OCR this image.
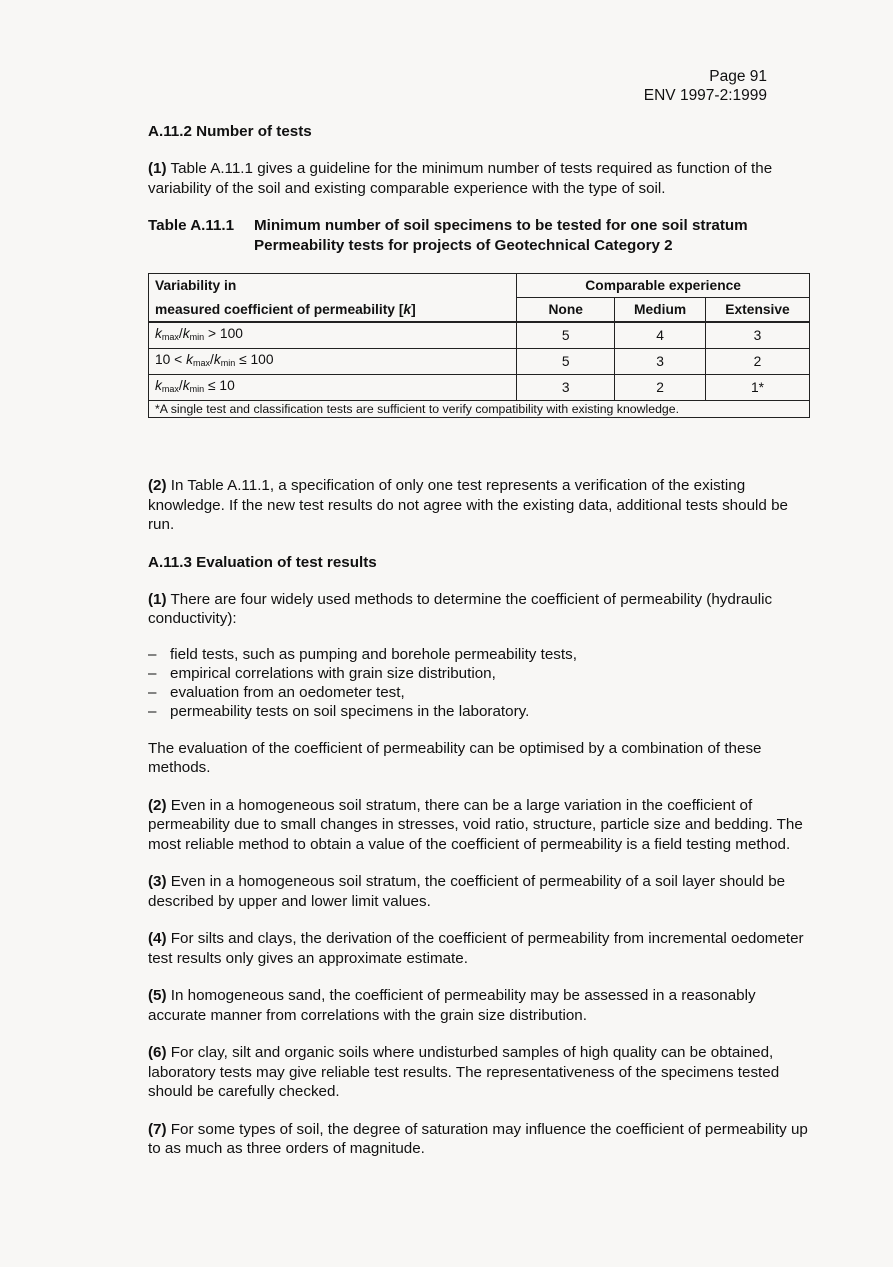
Page 91
ENV 1997-2:1999
A.11.2 Number of tests

(1) Table A.11.1 gives a guideline for the minimum number of tests required as function of the variability of the soil and existing comparable experience with the type of soil.

Table A.11.1	Minimum number of soil specimens to be tested for one soil stratum
Permeability tests for projects of Geotechnical Category 2
Variability in	Comparable experience		
measured coefficient of permeability [k]	None	Medium	Extensive
$k_{max}/k_{min} > 100$	5	4	3
$10 < k_{max}/k_{min} \le 100$	5	3	2
$k_{max}/k_{min} \le 10$	3	2	1*
*A single test and classification tests are sufficient to verify compatibility with existing knowledge.			

(2) In Table A.11.1, a specification of only one test represents a verification of the existing knowledge. If the new test results do not agree with the existing data, additional tests should be run.

A.11.3 Evaluation of test results

(1) There are four widely used methods to determine the coefficient of permeability (hydraulic conductivity):

– field tests, such as pumping and borehole permeability tests,
– empirical correlations with grain size distribution,
– evaluation from an oedometer test,
– permeability tests on soil specimens in the laboratory.

The evaluation of the coefficient of permeability can be optimised by a combination of these methods.

(2) Even in a homogeneous soil stratum, there can be a large variation in the coefficient of permeability due to small changes in stresses, void ratio, structure, particle size and bedding. The most reliable method to obtain a value of the coefficient of permeability is a field testing method.

(3) Even in a homogeneous soil stratum, the coefficient of permeability of a soil layer should be described by upper and lower limit values.

(4) For silts and clays, the derivation of the coefficient of permeability from incremental oedometer test results only gives an approximate estimate.

(5) In homogeneous sand, the coefficient of permeability may be assessed in a reasonably accurate manner from correlations with the grain size distribution.

(6) For clay, silt and organic soils where undisturbed samples of high quality can be obtained, laboratory tests may give reliable test results. The representativeness of the specimens tested should be carefully checked.

(7) For some types of soil, the degree of saturation may influence the coefficient of permeability up to as much as three orders of magnitude.
